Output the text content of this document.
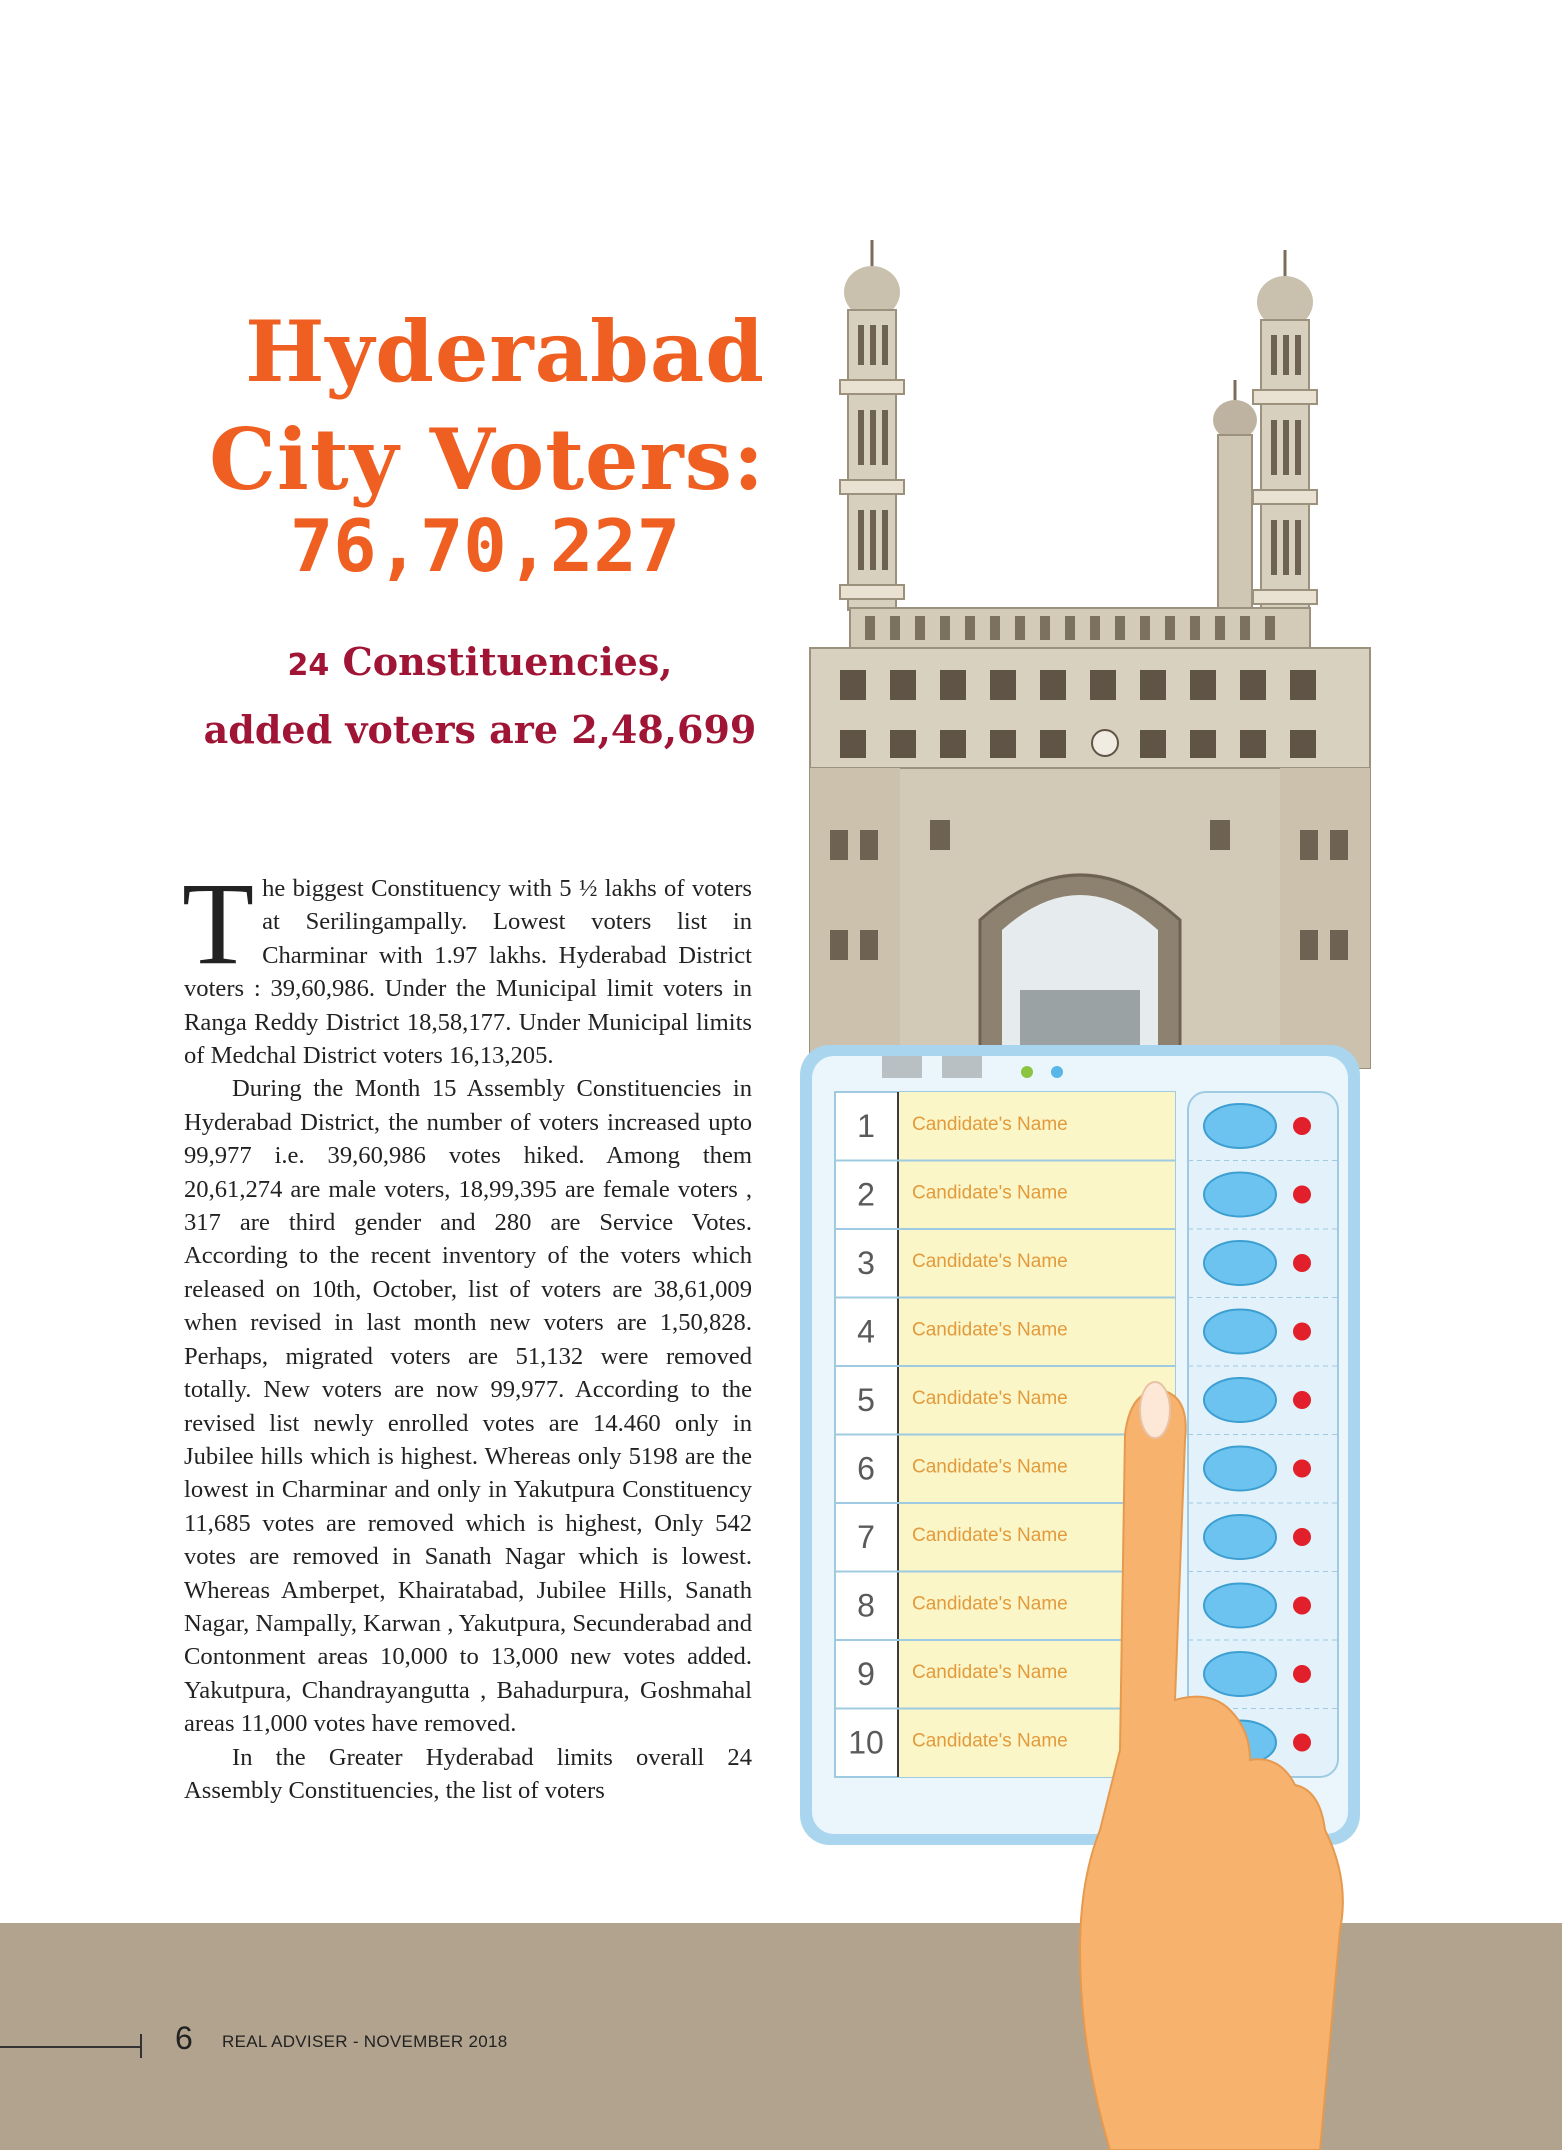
6 REAL ADVISER - NOVEMBER 2018
Hyderabad
City Voters:
76,70,227
24 Constituencies,
added voters are 2,48,699

The biggest Constituency with 5 ½ lakhs of voters at Serilingampally. Lowest voters list in Charminar with 1.97 lakhs. Hyderabad District voters : 39,60,986. Under the Municipal limit voters in Ranga Reddy District 18,58,177. Under Municipal limits of Medchal District voters 16,13,205.

During the Month 15 Assembly Constituencies in Hyderabad District, the number of voters increased upto 99,977 i.e. 39,60,986 votes hiked. Among them 20,61,274 are male voters, 18,99,395 are female voters , 317 are third gender and 280 are Service Votes. According to the recent inventory of the voters which released on 10th, October, list of voters are 38,61,009 when revised in last month new voters are 1,50,828. Perhaps, migrated voters are 51,132 were removed totally. New voters are now 99,977. According to the revised list newly enrolled votes are 14.460 only in Jubilee hills which is highest. Whereas only 5198 are the lowest in Charminar and only in Yakutpura Constituency 11,685 votes are removed which is highest, Only 542 votes are removed in Sanath Nagar which is lowest. Whereas Amberpet, Khairatabad, Jubilee Hills, Sanath Nagar, Nampally, Karwan , Yakutpura, Secunderabad and Contonment areas 10,000 to 13,000 new votes added. Yakutpura, Chandrayangutta , Bahadurpura, Goshmahal areas 11,000 votes have removed.

In the Greater Hyderabad limits overall 24 Assembly Constituencies, the list of voters

1 Candidate's Name
2 Candidate's Name
3 Candidate's Name
4 Candidate's Name
5 Candidate's Name
6 Candidate's Name
7 Candidate's Name
8 Candidate's Name
9 Candidate's Name
10 Candidate's Name
